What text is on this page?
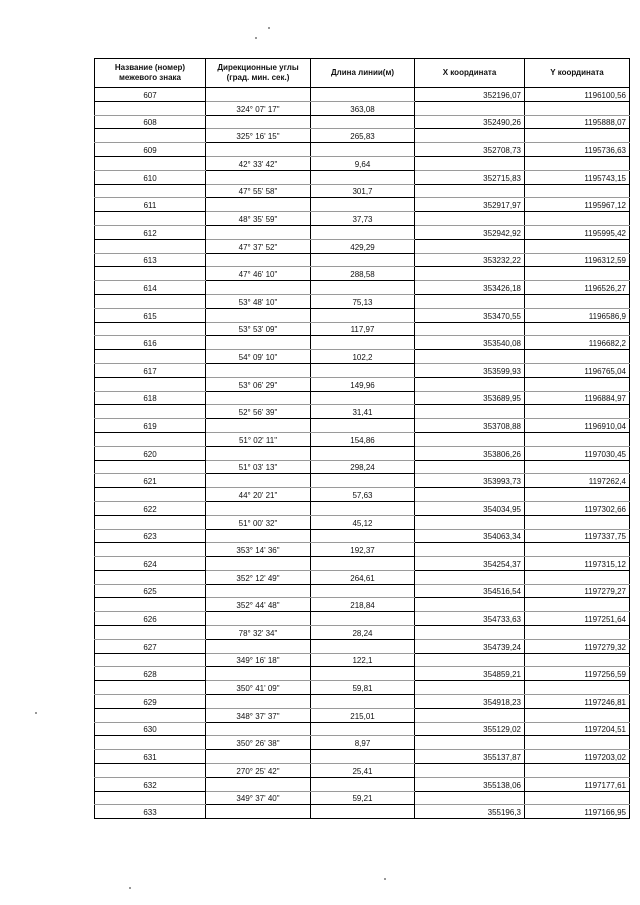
Название (номер) межевого знака	Дирекционные углы (град. мин. сек.)	Длина линии(м)	X координата	Y координата
607			352196,07	1196100,56
	324° 07' 17"	363,08		
608			352490,26	1195888,07
	325° 16' 15"	265,83		
609			352708,73	1195736,63
	42° 33' 42"	9,64		
610			352715,83	1195743,15
	47° 55' 58"	301,7		
611			352917,97	1195967,12
	48° 35' 59"	37,73		
612			352942,92	1195995,42
	47° 37' 52"	429,29		
613			353232,22	1196312,59
	47° 46' 10"	288,58		
614			353426,18	1196526,27
	53° 48' 10"	75,13		
615			353470,55	1196586,9
	53° 53' 09"	117,97		
616			353540,08	1196682,2
	54° 09' 10"	102,2		
617			353599,93	1196765,04
	53° 06' 29"	149,96		
618			353689,95	1196884,97
	52° 56' 39"	31,41		
619			353708,88	1196910,04
	51° 02' 11"	154,86		
620			353806,26	1197030,45
	51° 03' 13"	298,24		
621			353993,73	1197262,4
	44° 20' 21"	57,63		
622			354034,95	1197302,66
	51° 00' 32"	45,12		
623			354063,34	1197337,75
	353° 14' 36"	192,37		
624			354254,37	1197315,12
	352° 12' 49"	264,61		
625			354516,54	1197279,27
	352° 44' 48"	218,84		
626			354733,63	1197251,64
	78° 32' 34"	28,24		
627			354739,24	1197279,32
	349° 16' 18"	122,1		
628			354859,21	1197256,59
	350° 41' 09"	59,81		
629			354918,23	1197246,81
	348° 37' 37"	215,01		
630			355129,02	1197204,51
	350° 26' 38"	8,97		
631			355137,87	1197203,02
	270° 25' 42"	25,41		
632			355138,06	1197177,61
	349° 37' 40"	59,21		
633			355196,3	1197166,95
